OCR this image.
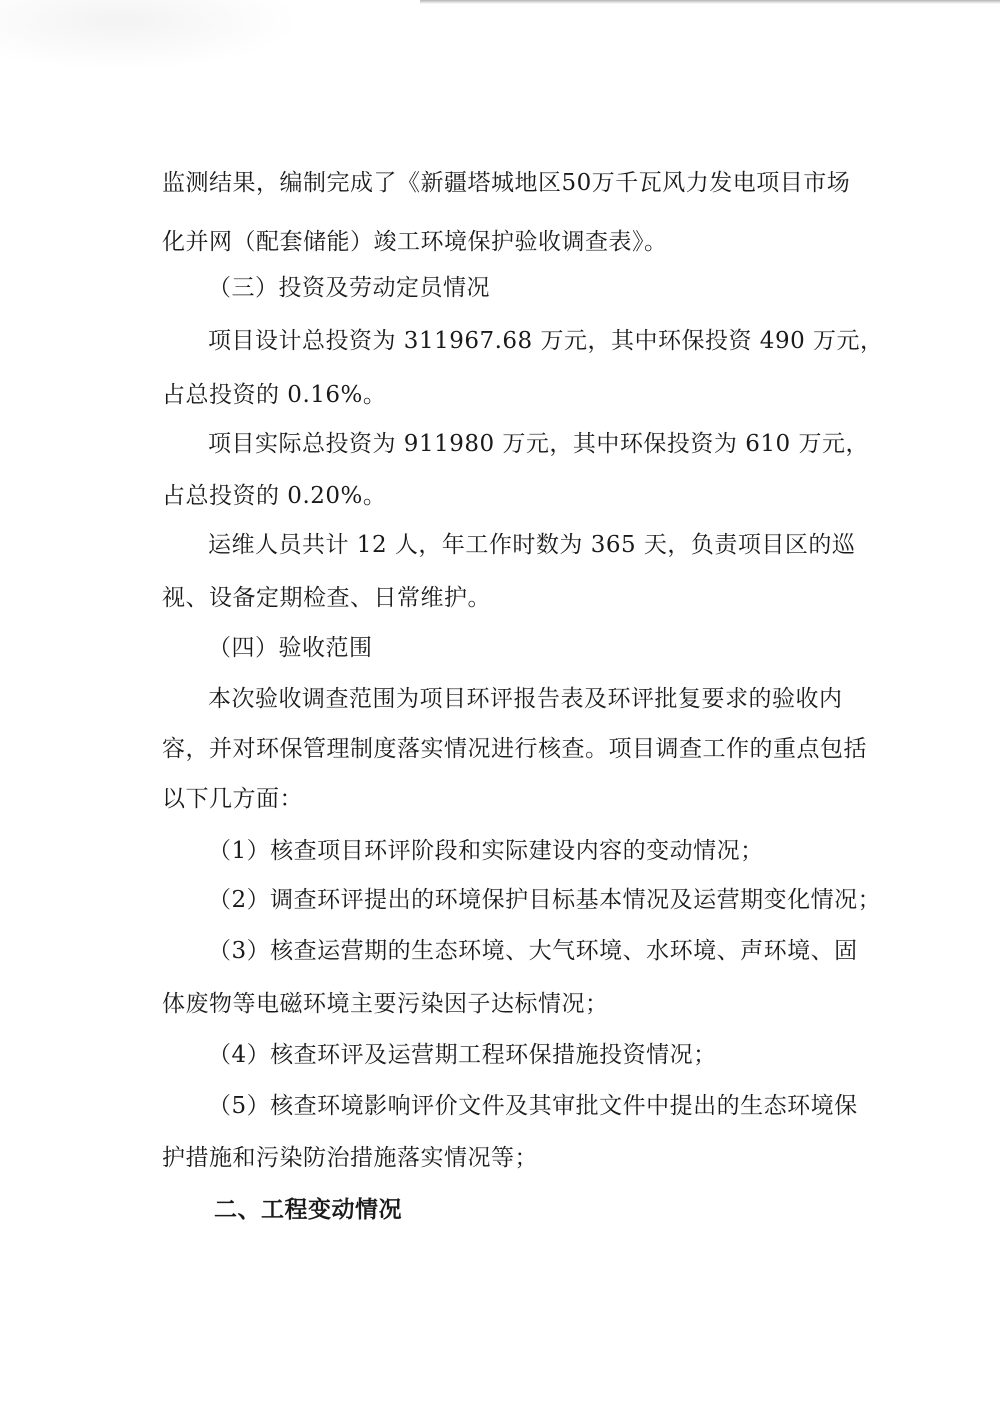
监测结果，编制完成了《新疆塔城地区50万千瓦风力发电项目市场
化并网（配套储能）竣工环境保护验收调查表》。
（三）投资及劳动定员情况
项目设计总投资为 311967.68 万元，其中环保投资 490 万元，
占总投资的 0.16%。
项目实际总投资为 911980 万元，其中环保投资为 610 万元，
占总投资的 0.20%。
运维人员共计 12 人，年工作时数为 365 天，负责项目区的巡
视、设备定期检查、日常维护。
（四）验收范围
本次验收调查范围为项目环评报告表及环评批复要求的验收内
容，并对环保管理制度落实情况进行核查。项目调查工作的重点包括
以下几方面：
（1）核查项目环评阶段和实际建设内容的变动情况；
（2）调查环评提出的环境保护目标基本情况及运营期变化情况；
（3）核查运营期的生态环境、大气环境、水环境、声环境、固
体废物等电磁环境主要污染因子达标情况；
（4）核查环评及运营期工程环保措施投资情况；
（5）核查环境影响评价文件及其审批文件中提出的生态环境保
护措施和污染防治措施落实情况等；
二、工程变动情况
